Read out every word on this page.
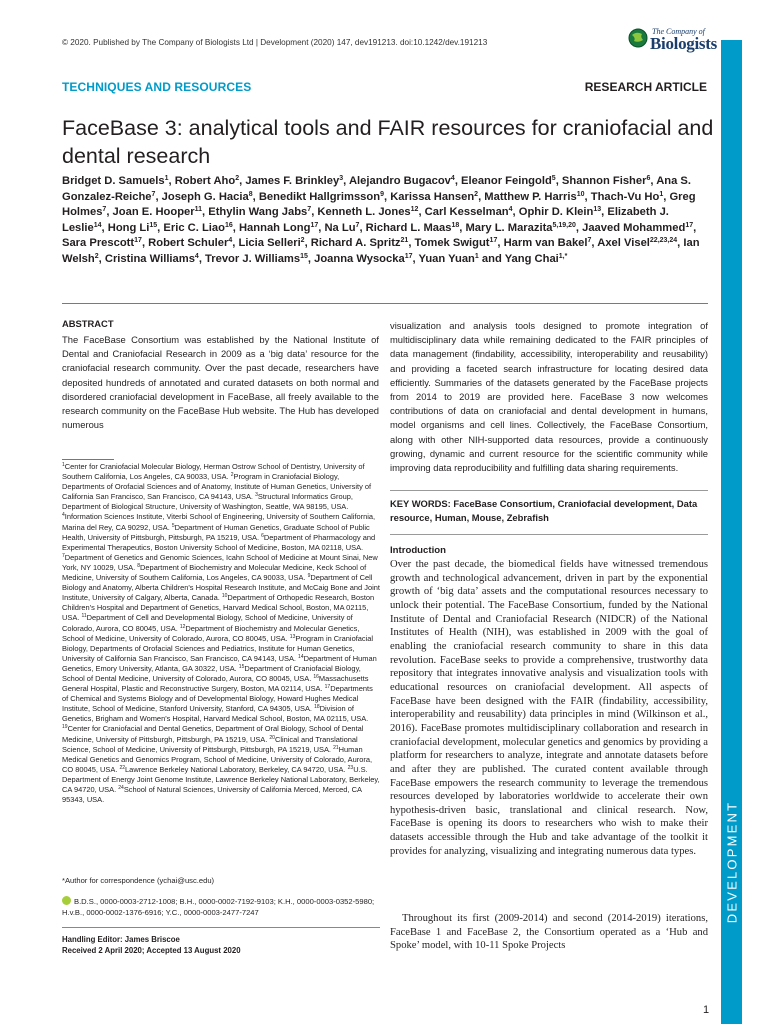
© 2020. Published by The Company of Biologists Ltd | Development (2020) 147, dev191213. doi:10.1242/dev.191213
The Company of
Biologists
TECHNIQUES AND RESOURCES	RESEARCH ARTICLE
FaceBase 3: analytical tools and FAIR resources for craniofacial and dental research
Bridget D. Samuels$^1$, Robert Aho$^2$, James F. Brinkley$^3$, Alejandro Bugacov$^4$, Eleanor Feingold$^5$, Shannon Fisher$^6$, Ana S. Gonzalez-Reiche$^7$, Joseph G. Hacia$^8$, Benedikt Hallgrimsson$^9$, Karissa Hansen$^2$, Matthew P. Harris$^{10}$, Thach-Vu Ho$^1$, Greg Holmes$^7$, Joan E. Hooper$^{11}$, Ethylin Wang Jabs$^7$, Kenneth L. Jones$^{12}$, Carl Kesselman$^4$, Ophir D. Klein$^{13}$, Elizabeth J. Leslie$^{14}$, Hong Li$^{15}$, Eric C. Liao$^{16}$, Hannah Long$^{17}$, Na Lu$^7$, Richard L. Maas$^{18}$, Mary L. Marazita$^{5,19,20}$, Jaaved Mohammed$^{17}$, Sara Prescott$^{17}$, Robert Schuler$^4$, Licia Selleri$^2$, Richard A. Spritz$^{21}$, Tomek Swigut$^{17}$, Harm van Bakel$^7$, Axel Visel$^{22,23,24}$, Ian Welsh$^2$, Cristina Williams$^4$, Trevor J. Williams$^{15}$, Joanna Wysocka$^{17}$, Yuan Yuan$^1$ and Yang Chai$^{1,*}$
ABSTRACT

The FaceBase Consortium was established by the National Institute of Dental and Craniofacial Research in 2009 as a ‘big data’ resource for the craniofacial research community. Over the past decade, researchers have deposited hundreds of annotated and curated datasets on both normal and disordered craniofacial development in FaceBase, all freely available to the research community on the FaceBase Hub website. The Hub has developed numerous

visualization and analysis tools designed to promote integration of multidisciplinary data while remaining dedicated to the FAIR principles of data management (findability, accessibility, interoperability and reusability) and providing a faceted search infrastructure for locating desired data efficiently. Summaries of the datasets generated by the FaceBase projects from 2014 to 2019 are provided here. FaceBase 3 now welcomes contributions of data on craniofacial and dental development in humans, model organisms and cell lines. Collectively, the FaceBase Consortium, along with other NIH-supported data resources, provide a continuously growing, dynamic and current resource for the scientific community while improving data reproducibility and fulfilling data sharing requirements.

$^1$Center for Craniofacial Molecular Biology, Herman Ostrow School of Dentistry, University of Southern California, Los Angeles, CA 90033, USA. $^2$Program in Craniofacial Biology, Departments of Orofacial Sciences and of Anatomy, Institute of Human Genetics, University of California San Francisco, San Francisco, CA 94143, USA. $^3$Structural Informatics Group, Department of Biological Structure, University of Washington, Seattle, WA 98195, USA. $^4$Information Sciences Institute, Viterbi School of Engineering, University of Southern California, Marina del Rey, CA 90292, USA. $^5$Department of Human Genetics, Graduate School of Public Health, University of Pittsburgh, Pittsburgh, PA 15219, USA. $^6$Department of Pharmacology and Experimental Therapeutics, Boston University School of Medicine, Boston, MA 02118, USA. $^7$Department of Genetics and Genomic Sciences, Icahn School of Medicine at Mount Sinai, New York, NY 10029, USA. $^8$Department of Biochemistry and Molecular Medicine, Keck School of Medicine, University of Southern California, Los Angeles, CA 90033, USA. $^9$Department of Cell Biology and Anatomy, Alberta Children's Hospital Research Institute, and McCaig Bone and Joint Institute, University of Calgary, Alberta, Canada. $^{10}$Department of Orthopedic Research, Boston Children's Hospital and Department of Genetics, Harvard Medical School, Boston, MA 02115, USA. $^{11}$Department of Cell and Developmental Biology, School of Medicine, University of Colorado, Aurora, CO 80045, USA. $^{12}$Department of Biochemistry and Molecular Genetics, School of Medicine, University of Colorado, Aurora, CO 80045, USA. $^{13}$Program in Craniofacial Biology, Departments of Orofacial Sciences and Pediatrics, Institute for Human Genetics, University of California San Francisco, San Francisco, CA 94143, USA. $^{14}$Department of Human Genetics, Emory University, Atlanta, GA 30322, USA. $^{15}$Department of Craniofacial Biology, School of Dental Medicine, University of Colorado, Aurora, CO 80045, USA. $^{16}$Massachusetts General Hospital, Plastic and Reconstructive Surgery, Boston, MA 02114, USA. $^{17}$Departments of Chemical and Systems Biology and of Developmental Biology, Howard Hughes Medical Institute, School of Medicine, Stanford University, Stanford, CA 94305, USA. $^{18}$Division of Genetics, Brigham and Women's Hospital, Harvard Medical School, Boston, MA 02115, USA. $^{19}$Center for Craniofacial and Dental Genetics, Department of Oral Biology, School of Dental Medicine, University of Pittsburgh, Pittsburgh, PA 15219, USA. $^{20}$Clinical and Translational Science, School of Medicine, University of Pittsburgh, Pittsburgh, PA 15219, USA. $^{21}$Human Medical Genetics and Genomics Program, School of Medicine, University of Colorado, Aurora, CO 80045, USA. $^{22}$Lawrence Berkeley National Laboratory, Berkeley, CA 94720, USA. $^{23}$U.S. Department of Energy Joint Genome Institute, Lawrence Berkeley National Laboratory, Berkeley, CA 94720, USA. $^{24}$School of Natural Sciences, University of California Merced, Merced, CA 95343, USA.
*Author for correspondence (ychai@usc.edu)
B.D.S., 0000-0003-2712-1008; B.H., 0000-0002-7192-9103; K.H., 0000-0003-0352-5980; H.v.B., 0000-0002-1376-6916; Y.C., 0000-0003-2477-7247
Handling Editor: James Briscoe
Received 2 April 2020; Accepted 13 August 2020
KEY WORDS: FaceBase Consortium, Craniofacial development, Data resource, Human, Mouse, Zebrafish
Introduction

Over the past decade, the biomedical fields have witnessed tremendous growth and technological advancement, driven in part by the exponential growth of ‘big data’ assets and the computational resources necessary to unlock their potential. The FaceBase Consortium, funded by the National Institute of Dental and Craniofacial Research (NIDCR) of the National Institutes of Health (NIH), was established in 2009 with the goal of enabling the craniofacial research community to share in this data revolution. FaceBase seeks to provide a comprehensive, trustworthy data repository that integrates innovative analysis and visualization tools with educational resources on craniofacial development. All aspects of FaceBase have been designed with the FAIR (findability, accessibility, interoperability and reusability) data principles in mind (Wilkinson et al., 2016). FaceBase promotes multidisciplinary collaboration and research in craniofacial development, molecular genetics and genomics by providing a platform for researchers to analyze, integrate and annotate datasets before and after they are published. The curated content available through FaceBase empowers the research community to leverage the tremendous resources developed by laboratories worldwide to accelerate their own hypothesis-driven basic, translational and clinical research. Now, FaceBase is opening its doors to researchers who wish to make their datasets accessible through the Hub and take advantage of the toolkit it provides for analyzing, visualizing and integrating numerous data types.

Throughout its first (2009-2014) and second (2014-2019) iterations, FaceBase 1 and FaceBase 2, the Consortium operated as a ‘Hub and Spoke’ model, with 10-11 Spoke Projects

DEVELOPMENT
1
